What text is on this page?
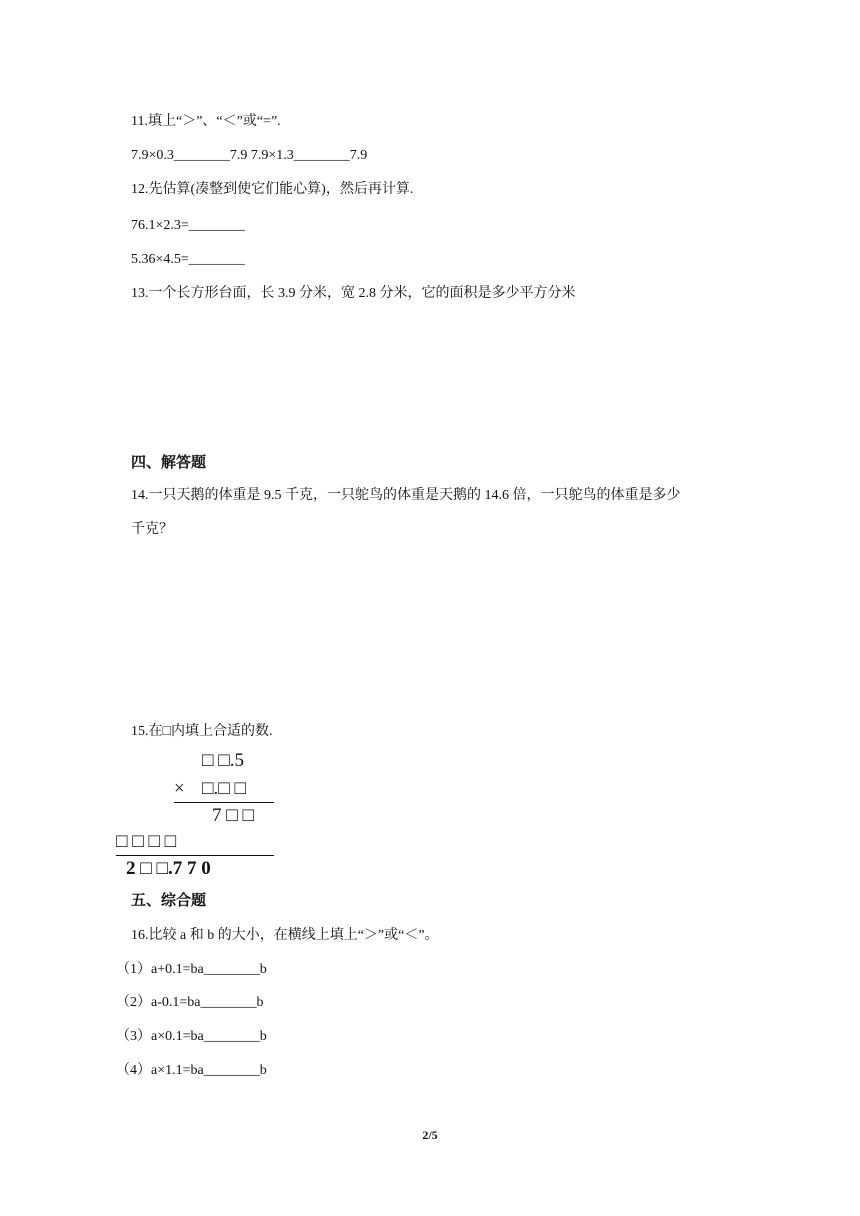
11.填上“＞”、“＜”或“=”.
7.9×0.3________7.9 7.9×1.3________7.9
12.先估算(凑整到使它们能心算)，然后再计算.
76.1×2.3=________
5.36×4.5=________
13.一个长方形台面，长 3.9 分米，宽 2.8 分米，它的面积是多少平方分米
四、解答题
14.一只天鹅的体重是 9.5 千克，一只鸵鸟的体重是天鹅的 14.6 倍，一只鸵鸟的体重是多少
千克？
15.在□内填上合适的数.
□ □.5
× □.□ □
7 □ □
□ □ □ □
2 □ □.7 7 0
五、综合题
16.比较 a 和 b 的大小，在横线上填上“＞”或“＜”。
（1）a+0.1=ba________b
（2）a-0.1=ba________b
（3）a×0.1=ba________b
（4）a×1.1=ba________b
2/5
